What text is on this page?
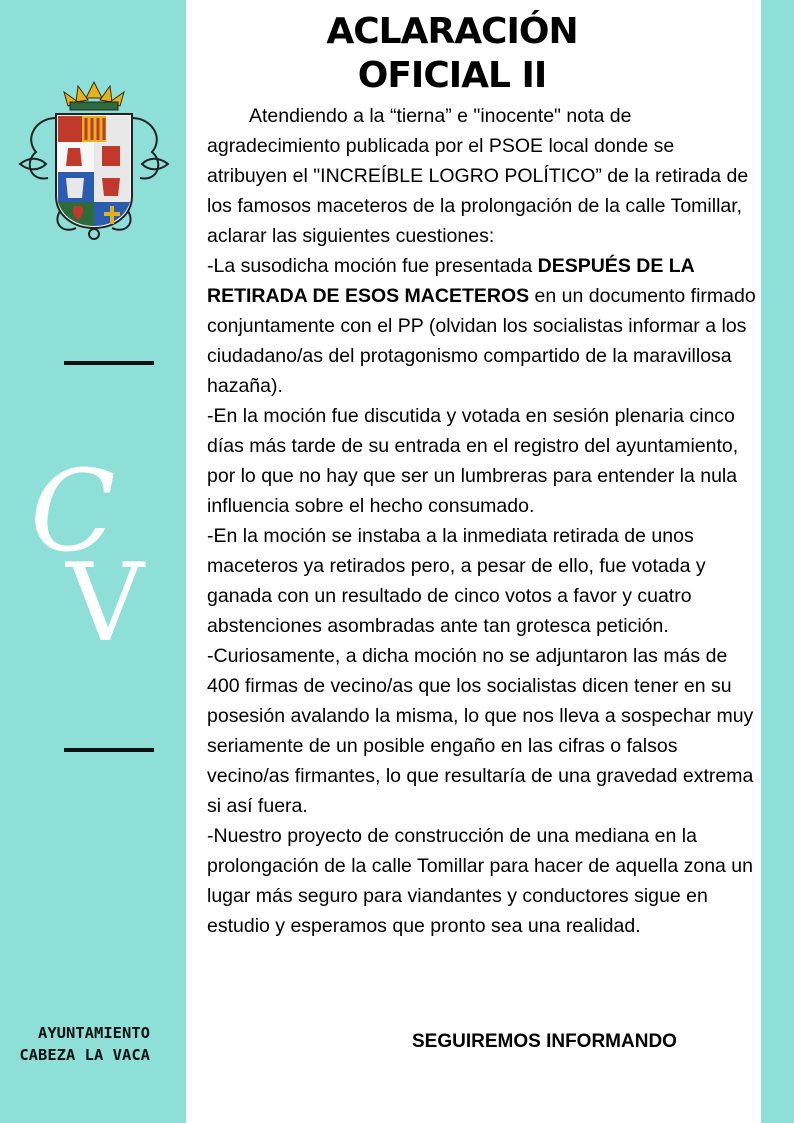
C
V
AYUNTAMIENTO
CABEZA LA VACA
ACLARACIÓN
OFICIAL II

Atendiendo a la “tierna” e "inocente" nota de agradecimiento publicada por el PSOE local donde se atribuyen el "INCREÍBLE LOGRO POLÍTICO” de la retirada de los famosos maceteros de la prolongación de la calle Tomillar, aclarar las siguientes cuestiones:

-La susodicha moción fue presentada DESPUÉS DE LA RETIRADA DE ESOS MACETEROS en un documento firmado conjuntamente con el PP (olvidan los socialistas informar a los ciudadano/as del protagonismo compartido de la maravillosa hazaña).

-En la moción fue discutida y votada en sesión plenaria cinco días más tarde de su entrada en el registro del ayuntamiento, por lo que no hay que ser un lumbreras para entender la nula influencia sobre el hecho consumado.

-En la moción se instaba a la inmediata retirada de unos maceteros ya retirados pero, a pesar de ello, fue votada y ganada con un resultado de cinco votos a favor y cuatro abstenciones asombradas ante tan grotesca petición.

-Curiosamente, a dicha moción no se adjuntaron las más de 400 firmas de vecino/as que los socialistas dicen tener en su posesión avalando la misma, lo que nos lleva a sospechar muy seriamente de un posible engaño en las cifras o falsos vecino/as firmantes, lo que resultaría de una gravedad extrema si así fuera.

-Nuestro proyecto de construcción de una mediana en la prolongación de la calle Tomillar para hacer de aquella zona un lugar más seguro para viandantes y conductores sigue en estudio y esperamos que pronto sea una realidad.

SEGUIREMOS INFORMANDO
